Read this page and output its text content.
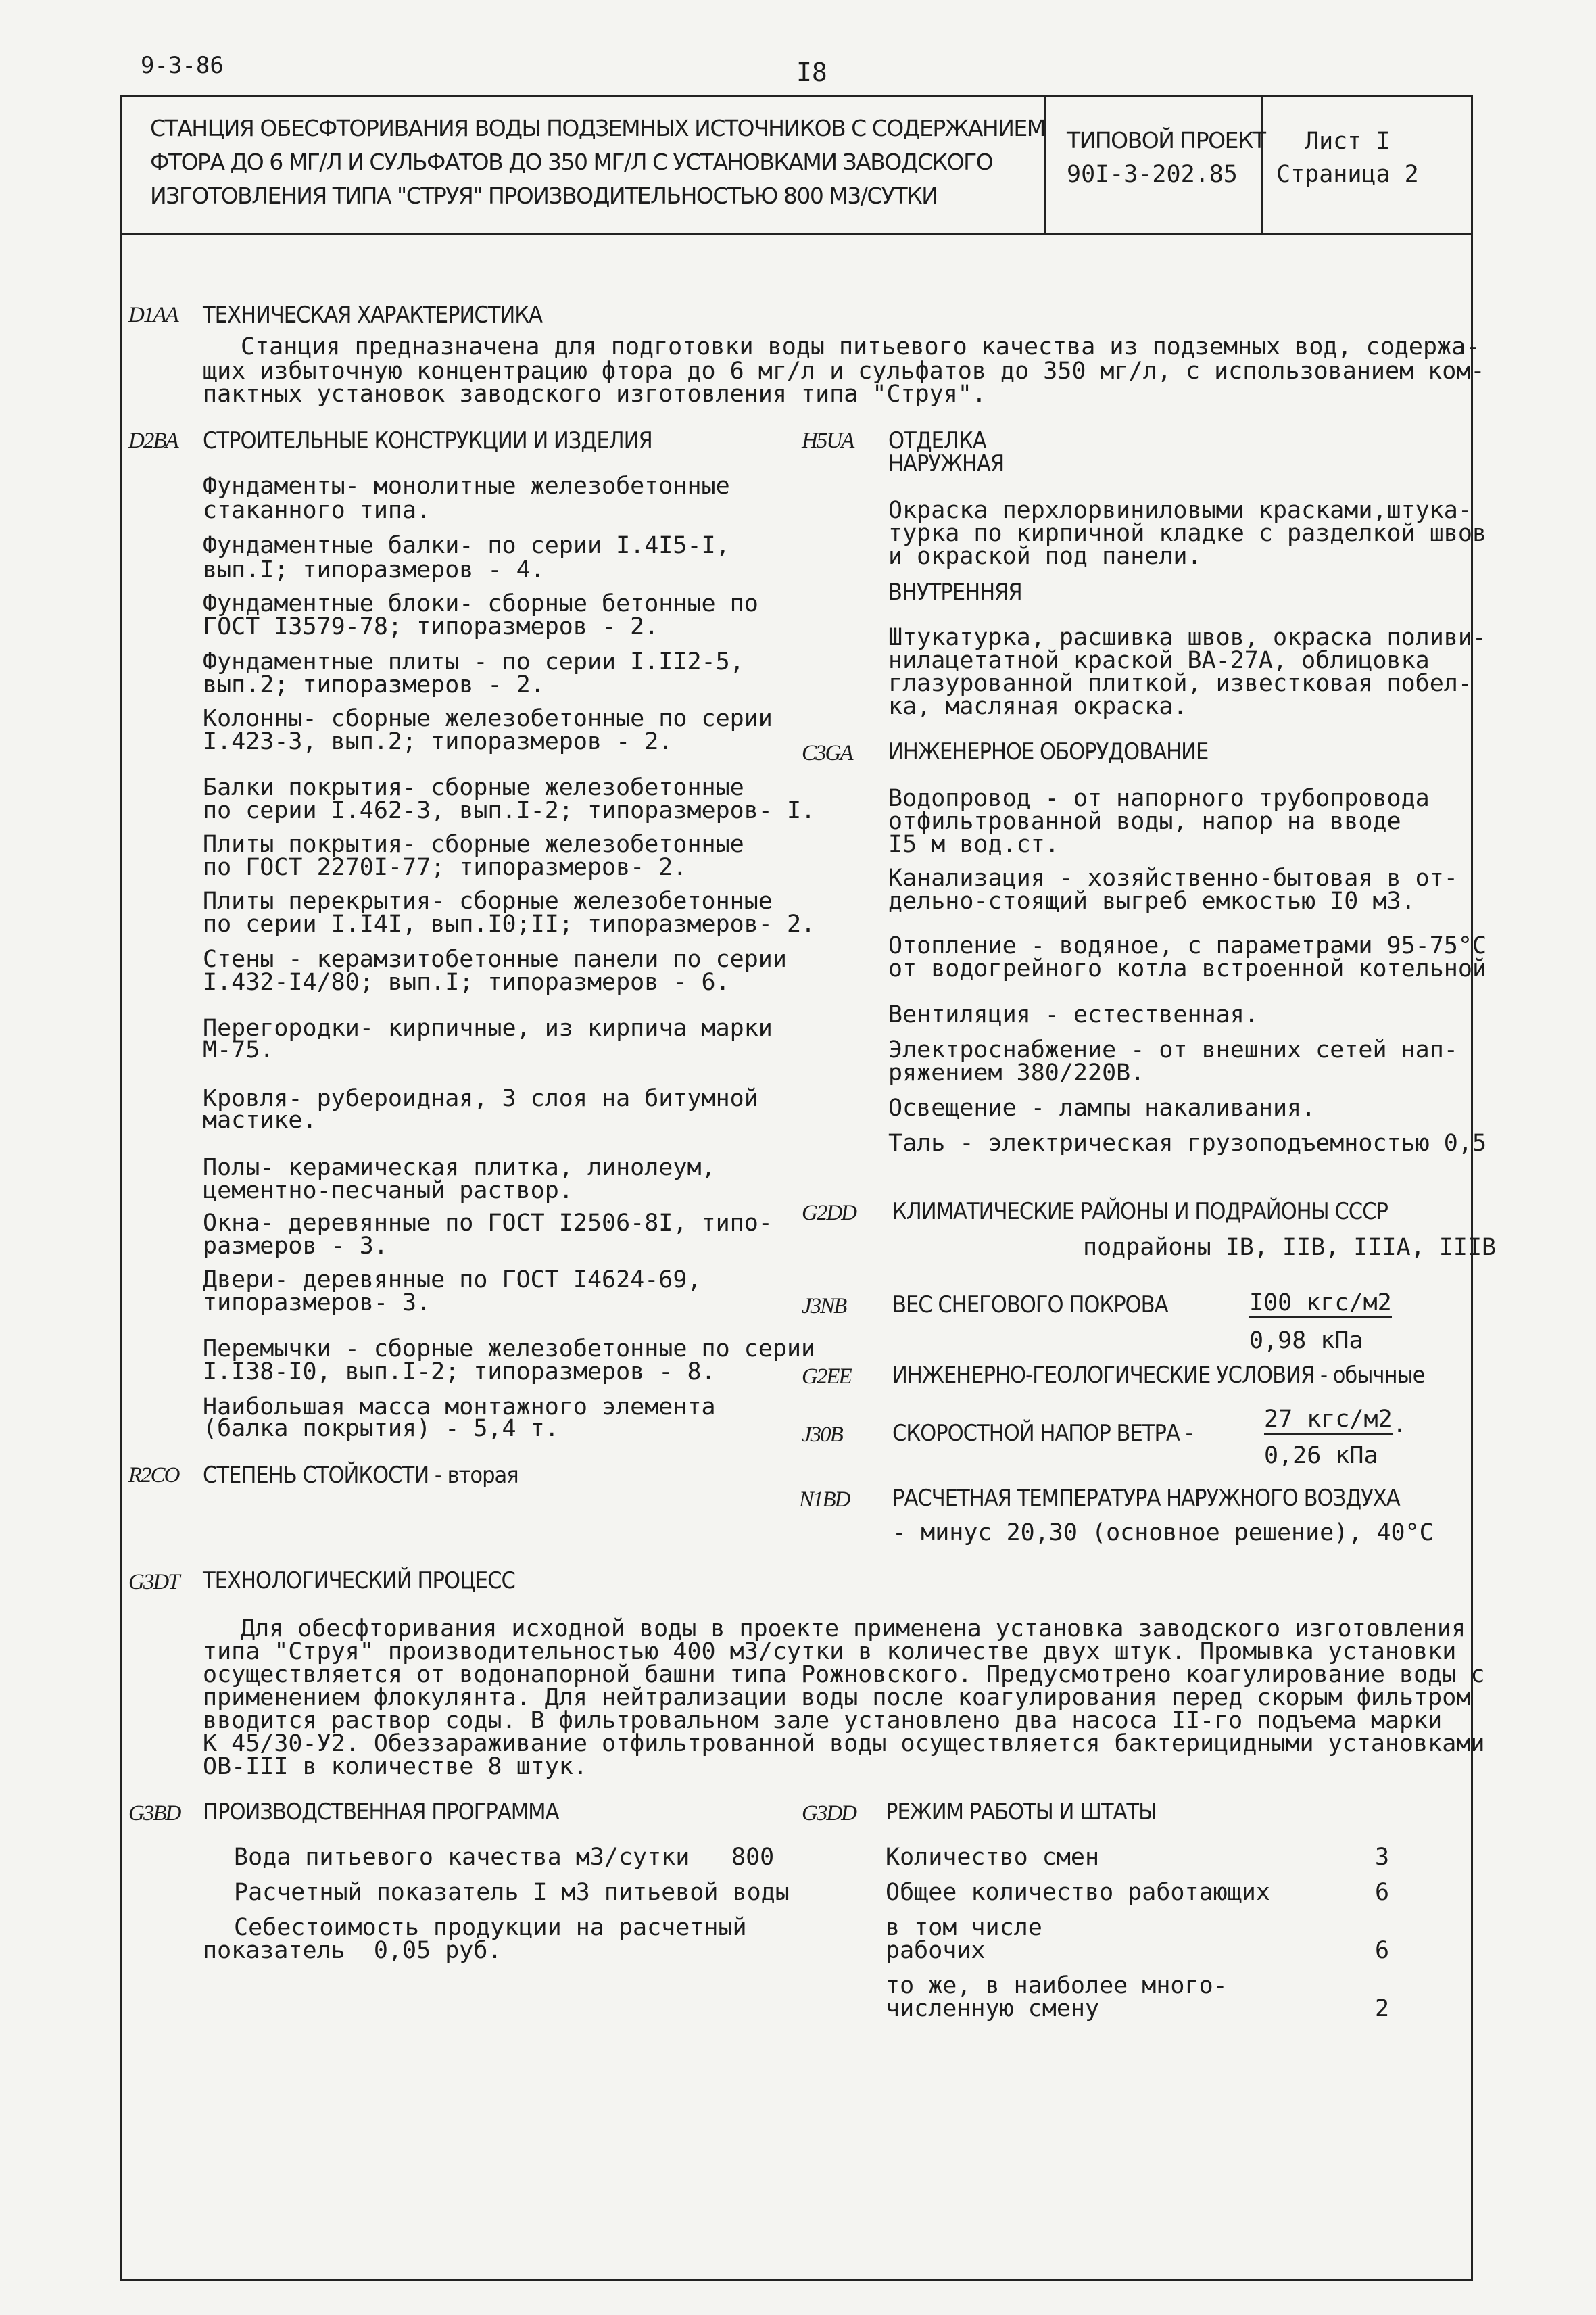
9-3-86	I8
СТАНЦИЯ ОБЕСФТОРИВАНИЯ ВОДЫ ПОДЗЕМНЫХ ИСТОЧНИКОВ С СОДЕРЖАНИЕМ
ФТОРА ДО 6 МГ/Л И СУЛЬФАТОВ ДО 350 МГ/Л С УСТАНОВКАМИ ЗАВОДСКОГО
ИЗГОТОВЛЕНИЯ ТИПА "СТРУЯ" ПРОИЗВОДИТЕЛЬНОСТЬЮ 800 М3/СУТКИ
ТИПОВОЙ ПРОЕКТ
90I-3-202.85
Лист I
Страница 2
D1AA ТЕХНИЧЕСКАЯ ХАРАКТЕРИСТИКА
Станция предназначена для подготовки воды питьевого качества из подземных вод, содержа-
щих избыточную концентрацию фтора до 6 мг/л и сульфатов до 350 мг/л, с использованием ком-
пактных установок заводского изготовления типа "Струя".
D2BA СТРОИТЕЛЬНЫЕ КОНСТРУКЦИИ И ИЗДЕЛИЯ
Фундаменты- монолитные железобетонные
стаканного типа.
Фундаментные балки- по серии I.4I5-I,
вып.I; типоразмеров - 4.
Фундаментные блоки- сборные бетонные по
ГОСТ I3579-78; типоразмеров - 2.
Фундаментные плиты - по серии I.II2-5,
вып.2; типоразмеров - 2.
Колонны- сборные железобетонные по серии
I.423-3, вып.2; типоразмеров - 2.
Балки покрытия- сборные железобетонные
по серии I.462-3, вып.I-2; типоразмеров- I.
Плиты покрытия- сборные железобетонные
по ГОСТ 2270I-77; типоразмеров- 2.
Плиты перекрытия- сборные железобетонные
по серии I.I4I, вып.I0;II; типоразмеров- 2.
Стены - керамзитобетонные панели по серии
I.432-I4/80; вып.I; типоразмеров - 6.
Перегородки- кирпичные, из кирпича марки
М-75.
Кровля- рубероидная, 3 слоя на битумной
мастике.
Полы- керамическая плитка, линолеум,
цементно-песчаный раствор.
Окна- деревянные по ГОСТ I2506-8I, типо-
размеров - 3.
Двери- деревянные по ГОСТ I4624-69,
типоразмеров- 3.
Перемычки - сборные железобетонные по серии
I.I38-I0, вып.I-2; типоразмеров - 8.
Наибольшая масса монтажного элемента
(балка покрытия) - 5,4 т.
R2CO СТЕПЕНЬ СТОЙКОСТИ - вторая
H5UA ОТДЕЛКА
НАРУЖНАЯ
Окраска перхлорвиниловыми красками,штука-
турка по кирпичной кладке с разделкой швов
и окраской под панели.
ВНУТРЕННЯЯ
Штукатурка, расшивка швов, окраска поливи-
нилацетатной краской ВА-27А, облицовка
глазурованной плиткой, известковая побел-
ка, масляная окраска.
C3GA ИНЖЕНЕРНОЕ ОБОРУДОВАНИЕ
Водопровод - от напорного трубопровода
отфильтрованной воды, напор на вводе
I5 м вод.ст.
Канализация - хозяйственно-бытовая в от-
дельно-стоящий выгреб емкостью I0 м3.
Отопление - водяное, с параметрами 95-75°С
от водогрейного котла встроенной котельной
Вентиляция - естественная.
Электроснабжение - от внешних сетей нап-
ряжением 380/220В.
Освещение - лампы накаливания.
Таль - электрическая грузоподъемностью 0,5
G2DD КЛИМАТИЧЕСКИЕ РАЙОНЫ И ПОДРАЙОНЫ СССР
подрайоны IВ, IIВ, IIIА, IIIВ
J3NB ВЕС СНЕГОВОГО ПОКРОВА	I00 кгс/м2
0,98 кПа
G2EE ИНЖЕНЕРНО-ГЕОЛОГИЧЕСКИЕ УСЛОВИЯ - обычные
J30B СКОРОСТНОЙ НАПОР ВЕТРА -
27 кгс/м2 .
0,26 кПа
N1BD РАСЧЕТНАЯ ТЕМПЕРАТУРА НАРУЖНОГО ВОЗДУХА
- минус 20,30 (основное решение), 40°С
G3DT ТЕХНОЛОГИЧЕСКИЙ ПРОЦЕСС
Для обесфторивания исходной воды в проекте применена установка заводского изготовления
типа "Струя" производительностью 400 м3/сутки в количестве двух штук. Промывка установки
осуществляется от водонапорной башни типа Рожновского. Предусмотрено коагулирование воды с
применением флокулянта. Для нейтрализации воды после коагулирования перед скорым фильтром
вводится раствор соды. В фильтровальном зале установлено два насоса II-го подъема марки
К 45/30-У2. Обеззараживание отфильтрованной воды осуществляется бактерицидными установками
ОВ-III в количестве 8 штук.
G3BD ПРОИЗВОДСТВЕННАЯ ПРОГРАММА
Вода питьевого качества м3/сутки 800
Расчетный показатель I м3 питьевой воды
Себестоимость продукции на расчетный
показатель  0,05 руб.
G3DD РЕЖИМ РАБОТЫ И ШТАТЫ
Количество смен	3
Общее количество работающих	6
в том числе
рабочих	6
то же, в наиболее много-
численную смену	2
